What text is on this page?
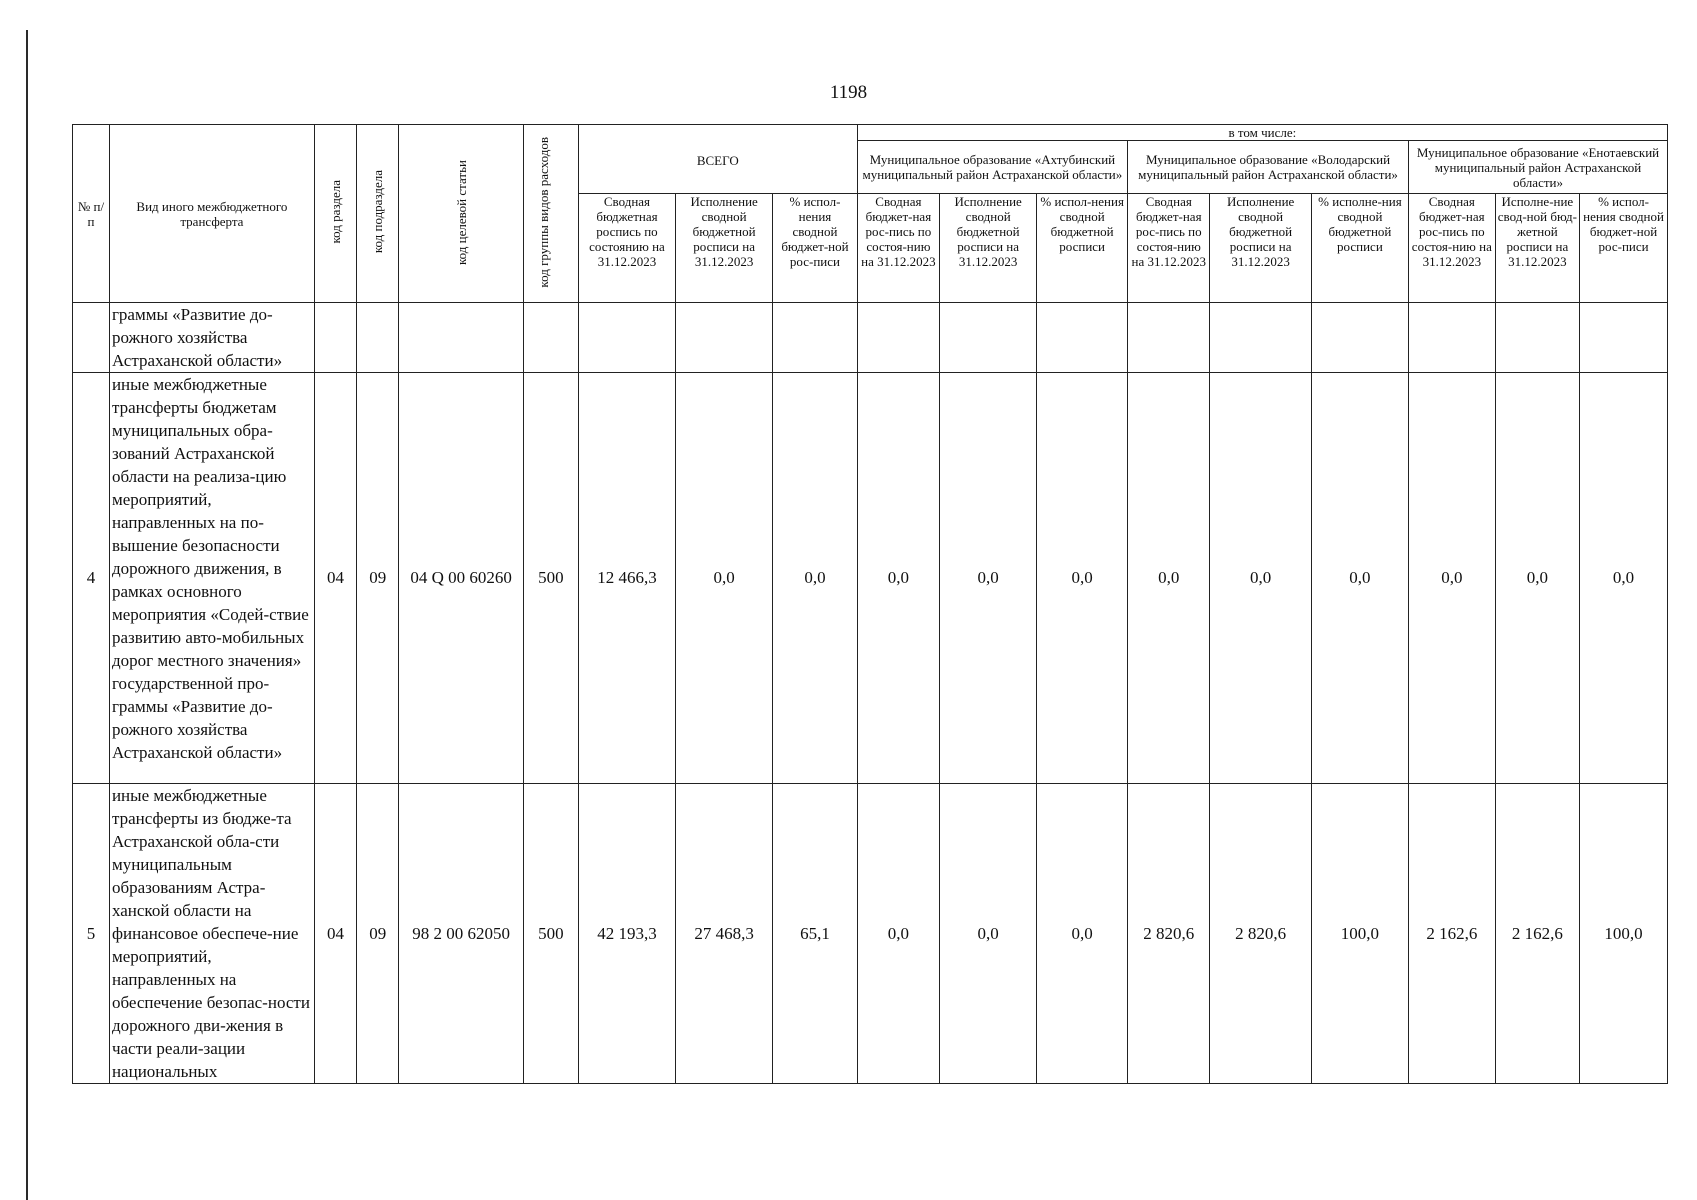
1198
№ п/п	Вид иного межбюджетного трансферта	код раздела	код подраздела	код целевой статьи	код группы видов расходов	ВСЕГО			в том числе:								
									Муниципальное образование «Ахтубинский муниципальный район Астраханской области»			Муниципальное образование «Володарский муниципальный район Астраханской области»			Муниципальное образование «Енотаевский муниципальный район Астраханской области»		
						Сводная бюджетная роспись по состоянию на 31.12.2023	Исполнение сводной бюджетной росписи на 31.12.2023	% испол-нения сводной бюджет-ной рос-писи	Сводная бюджет-ная рос-пись по состоя-нию на 31.12.2023	Исполнение сводной бюджетной росписи на 31.12.2023	% испол-нения сводной бюджетной росписи	Сводная бюджет-ная рос-пись по состоя-нию на 31.12.2023	Исполнение сводной бюджетной росписи на 31.12.2023	% исполне-ния сводной бюджетной росписи	Сводная бюджет-ная рос-пись по состоя-нию на 31.12.2023	Исполне-ние свод-ной бюд-жетной росписи на 31.12.2023	% испол-нения сводной бюджет-ной рос-писи
	граммы «Развитие до-рожного хозяйства Астраханской области»																
4	иные межбюджетные трансферты бюджетам муниципальных обра-зований Астраханской области на реализа-цию мероприятий, направленных на по-вышение безопасности дорожного движения, в рамках основного мероприятия «Содей-ствие развитию авто-мобильных дорог местного значения» государственной про-граммы «Развитие до-рожного хозяйства Астраханской области»	04	09	04 Q 00 60260	500	12 466,3	0,0	0,0	0,0	0,0	0,0	0,0	0,0	0,0	0,0	0,0	0,0
5	иные межбюджетные трансферты из бюдже-та Астраханской обла-сти муниципальным образованиям Астра-ханской области на финансовое обеспече-ние мероприятий, направленных на обеспечение безопас-ности дорожного дви-жения в части реали-зации национальных	04	09	98 2 00 62050	500	42 193,3	27 468,3	65,1	0,0	0,0	0,0	2 820,6	2 820,6	100,0	2 162,6	2 162,6	100,0
